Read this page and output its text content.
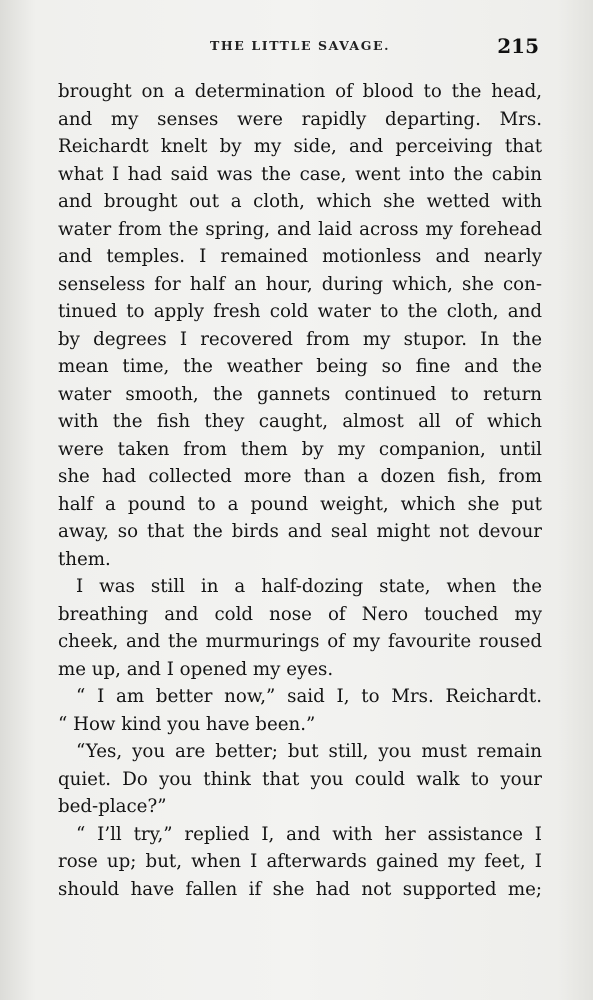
THE LITTLE SAVAGE.	215
brought on a determination of blood to the head,
and my senses were rapidly departing. Mrs.
Reichardt knelt by my side, and perceiving that
what I had said was the case, went into the cabin
and brought out a cloth, which she wetted with
water from the spring, and laid across my forehead
and temples. I remained motionless and nearly
senseless for half an hour, during which, she con-
tinued to apply fresh cold water to the cloth, and
by degrees I recovered from my stupor. In the
mean time, the weather being so fine and the
water smooth, the gannets continued to return
with the fish they caught, almost all of which
were taken from them by my companion, until
she had collected more than a dozen fish, from
half a pound to a pound weight, which she put
away, so that the birds and seal might not devour
them.
I was still in a half-dozing state, when the
breathing and cold nose of Nero touched my
cheek, and the murmurings of my favourite roused
me up, and I opened my eyes.
“ I am better now,” said I, to Mrs. Reichardt.
“ How kind you have been.”
“Yes, you are better; but still, you must remain
quiet. Do you think that you could walk to your
bed-place?”
“ I’ll try,” replied I, and with her assistance I
rose up; but, when I afterwards gained my feet, I
should have fallen if she had not supported me;
